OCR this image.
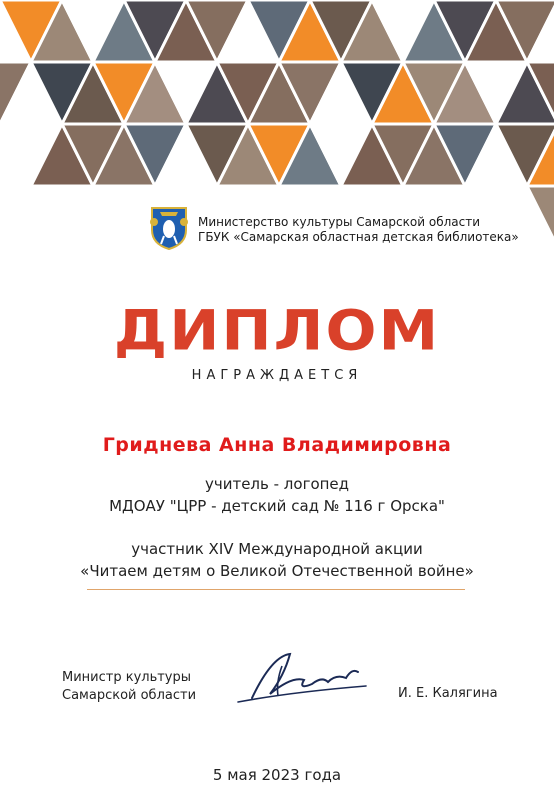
Министерство культуры Самарской области
ГБУК «Самарская областная детская библиотека»
ДИПЛОМ
НАГРАЖДАЕТСЯ
Гриднева Анна Владимировна
учитель - логопед
МДОАУ "ЦРР - детский сад № 116 г Орска"
участник XIV Международной акции
«Читаем детям о Великой Отечественной войне»
Министр культуры
Самарской области	И. Е. Калягина
5 мая 2023 года
